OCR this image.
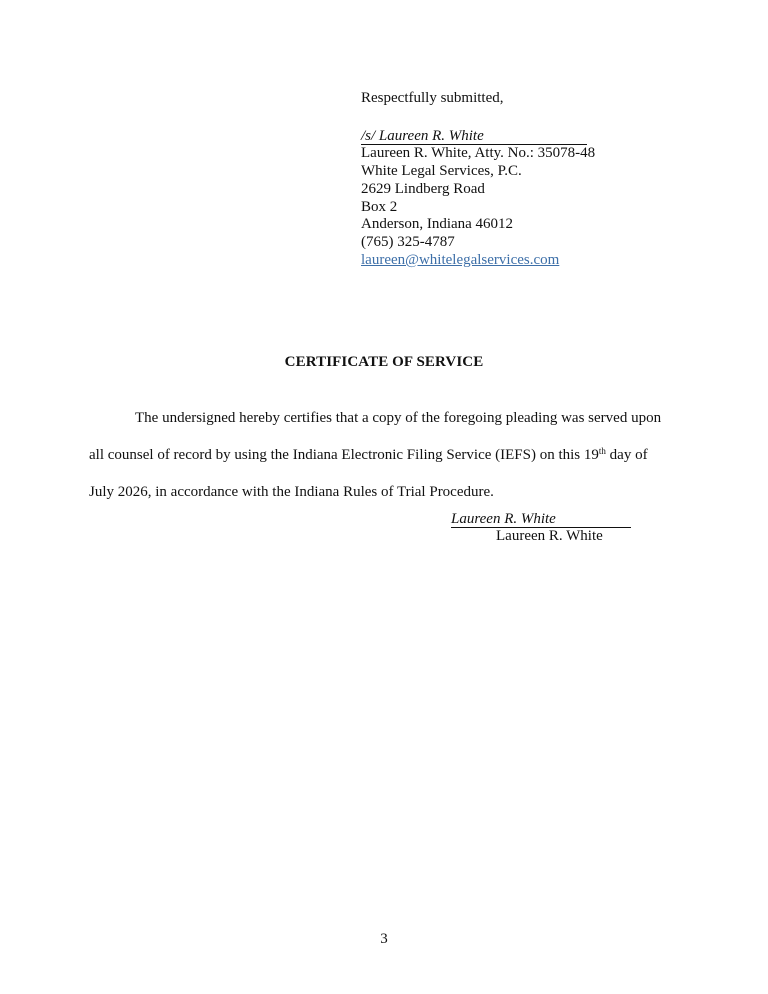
Respectfully submitted,
/s/ Laureen R. White
Laureen R. White, Atty. No.: 35078-48
White Legal Services, P.C.
2629 Lindberg Road
Box 2
Anderson, Indiana 46012
(765) 325-4787
laureen@whitelegalservices.com
CERTIFICATE OF SERVICE
The undersigned hereby certifies that a copy of the foregoing pleading was served upon
all counsel of record by using the Indiana Electronic Filing Service (IEFS) on this 19th day of
July 2026, in accordance with the Indiana Rules of Trial Procedure.
Laureen R. White
Laureen R. White
3
